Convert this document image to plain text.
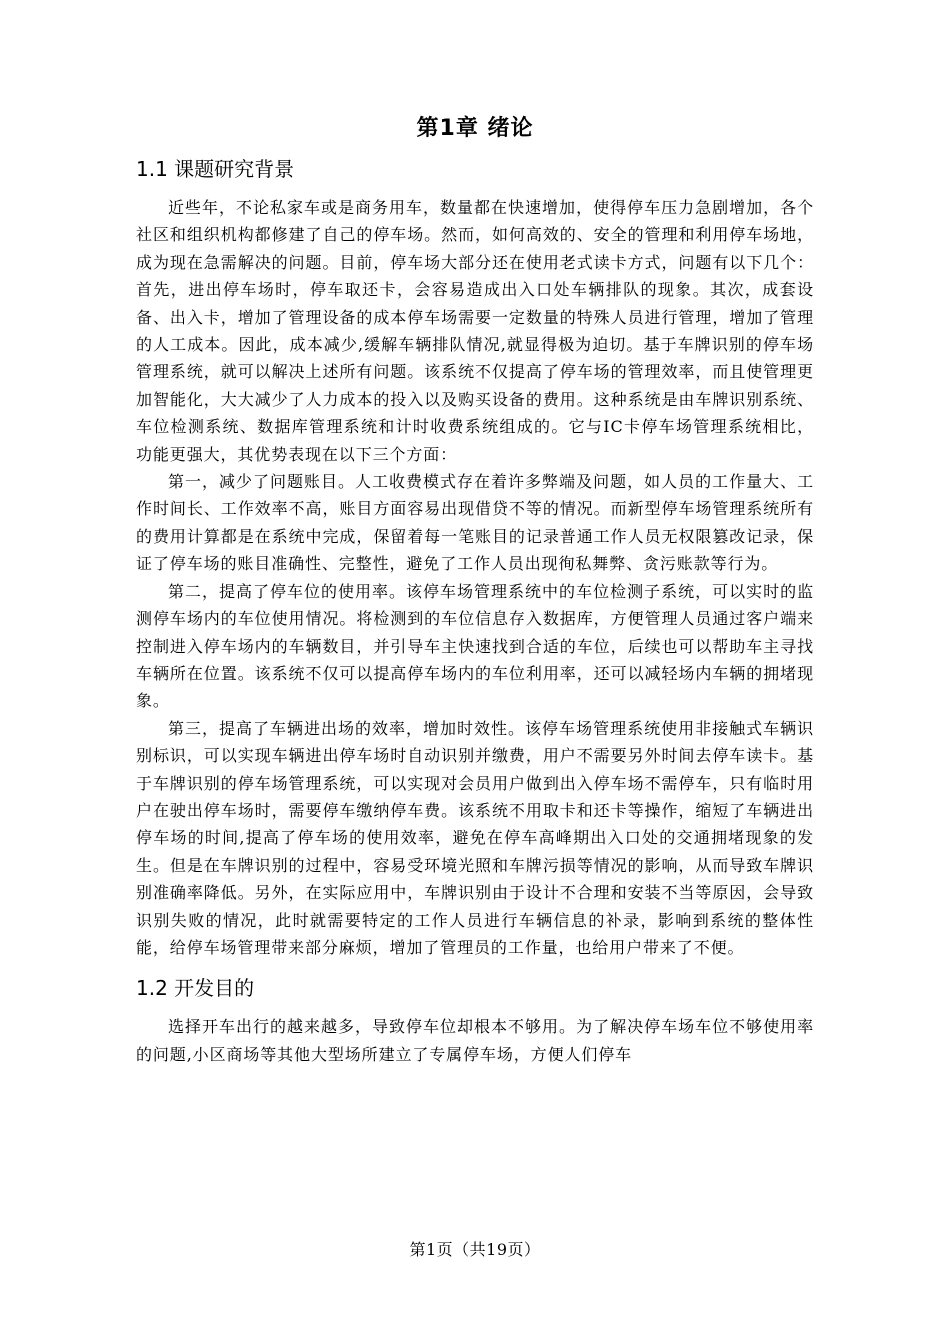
第1章 绪论
1.1 课题研究背景

近些年，不论私家车或是商务用车，数量都在快速增加，使得停车压力急剧增加，各个社区和组织机构都修建了自己的停车场。然而，如何高效的、安全的管理和利用停车场地，成为现在急需解决的问题。目前，停车场大部分还在使用老式读卡方式，问题有以下几个：首先，进出停车场时，停车取还卡，会容易造成出入口处车辆排队的现象。其次，成套设备、出入卡，增加了管理设备的成本停车场需要一定数量的特殊人员进行管理，增加了管理的人工成本。因此，成本减少,缓解车辆排队情况,就显得极为迫切。基于车牌识别的停车场管理系统，就可以解决上述所有问题。该系统不仅提高了停车场的管理效率，而且使管理更加智能化，大大减少了人力成本的投入以及购买设备的费用。这种系统是由车牌识别系统、车位检测系统、数据库管理系统和计时收费系统组成的。它与IC卡停车场管理系统相比，功能更强大，其优势表现在以下三个方面：

第一，减少了问题账目。人工收费模式存在着许多弊端及问题，如人员的工作量大、工作时间长、工作效率不高，账目方面容易出现借贷不等的情况。而新型停车场管理系统所有的费用计算都是在系统中完成，保留着每一笔账目的记录普通工作人员无权限篡改记录，保证了停车场的账目准确性、完整性，避免了工作人员出现徇私舞弊、贪污账款等行为。

第二，提高了停车位的使用率。该停车场管理系统中的车位检测子系统，可以实时的监测停车场内的车位使用情况。将检测到的车位信息存入数据库，方便管理人员通过客户端来控制进入停车场内的车辆数目，并引导车主快速找到合适的车位，后续也可以帮助车主寻找车辆所在位置。该系统不仅可以提高停车场内的车位利用率，还可以减轻场内车辆的拥堵现象。

第三，提高了车辆进出场的效率，增加时效性。该停车场管理系统使用非接触式车辆识别标识，可以实现车辆进出停车场时自动识别并缴费，用户不需要另外时间去停车读卡。基于车牌识别的停车场管理系统，可以实现对会员用户做到出入停车场不需停车，只有临时用户在驶出停车场时，需要停车缴纳停车费。该系统不用取卡和还卡等操作，缩短了车辆进出停车场的时间,提高了停车场的使用效率，避免在停车高峰期出入口处的交通拥堵现象的发生。但是在车牌识别的过程中，容易受环境光照和车牌污损等情况的影响，从而导致车牌识别准确率降低。另外，在实际应用中，车牌识别由于设计不合理和安装不当等原因，会导致识别失败的情况，此时就需要特定的工作人员进行车辆信息的补录，影响到系统的整体性能，给停车场管理带来部分麻烦，增加了管理员的工作量，也给用户带来了不便。

1.2 开发目的

选择开车出行的越来越多，导致停车位却根本不够用。为了解决停车场车位不够使用率的问题,小区商场等其他大型场所建立了专属停车场，方便人们停车

第1页（共19页）
